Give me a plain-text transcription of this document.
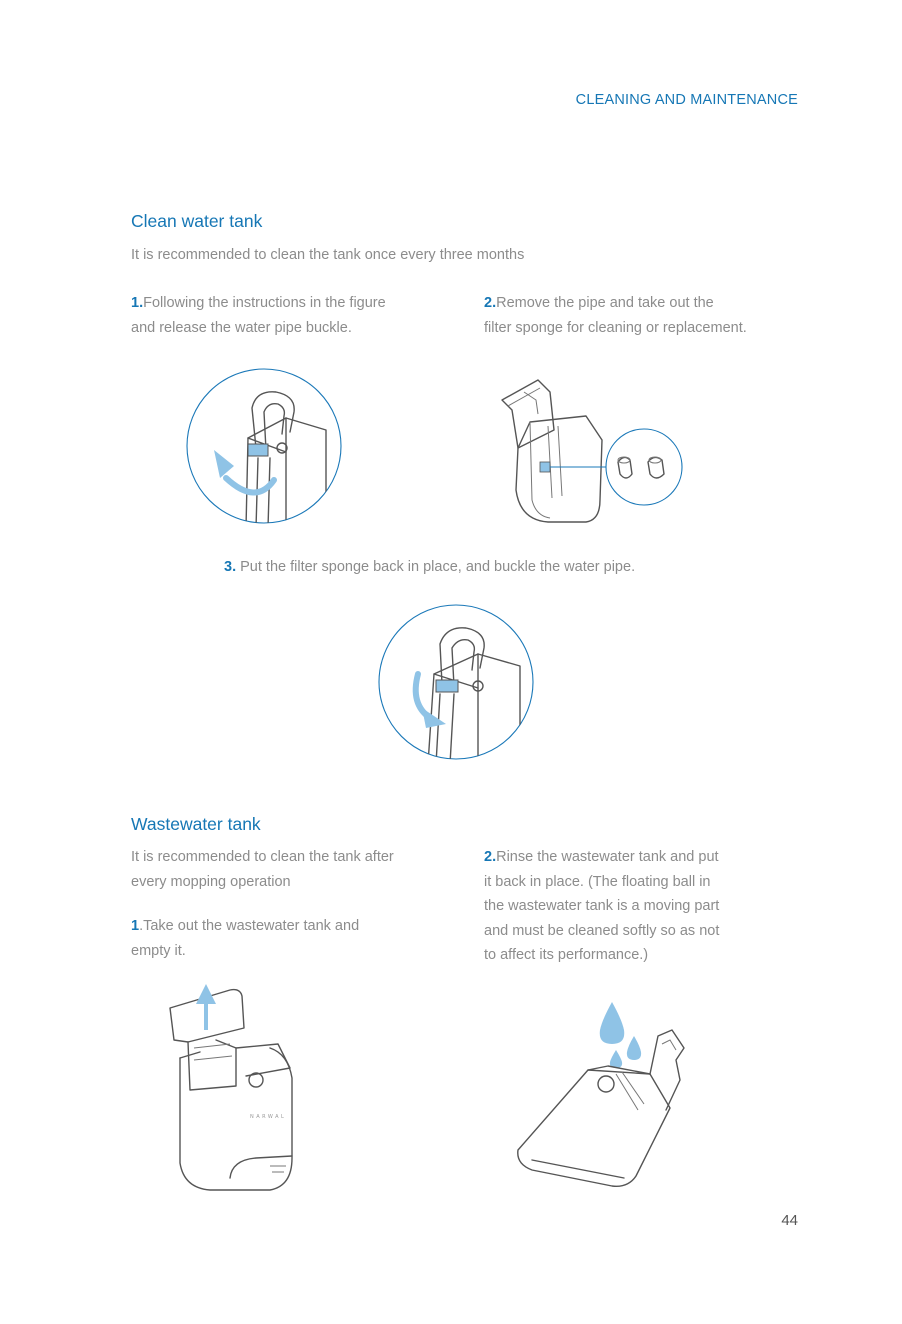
CLEANING AND MAINTENANCE
Clean water tank
It is recommended to clean the tank once every three months
1.Following the instructions in the figure
and release the water pipe buckle.
2.Remove the pipe and take out the
filter sponge for cleaning or replacement.
3. Put the filter sponge back in place, and buckle the water pipe.
Wastewater tank
It is recommended to clean the tank after
every mopping operation
1.Take out the wastewater tank and
empty it.
2.Rinse the wastewater tank and put
it back in place. (The floating ball in
the wastewater tank is a moving part
and must be cleaned softly so as not
to affect its performance.)
NARWAL
44
